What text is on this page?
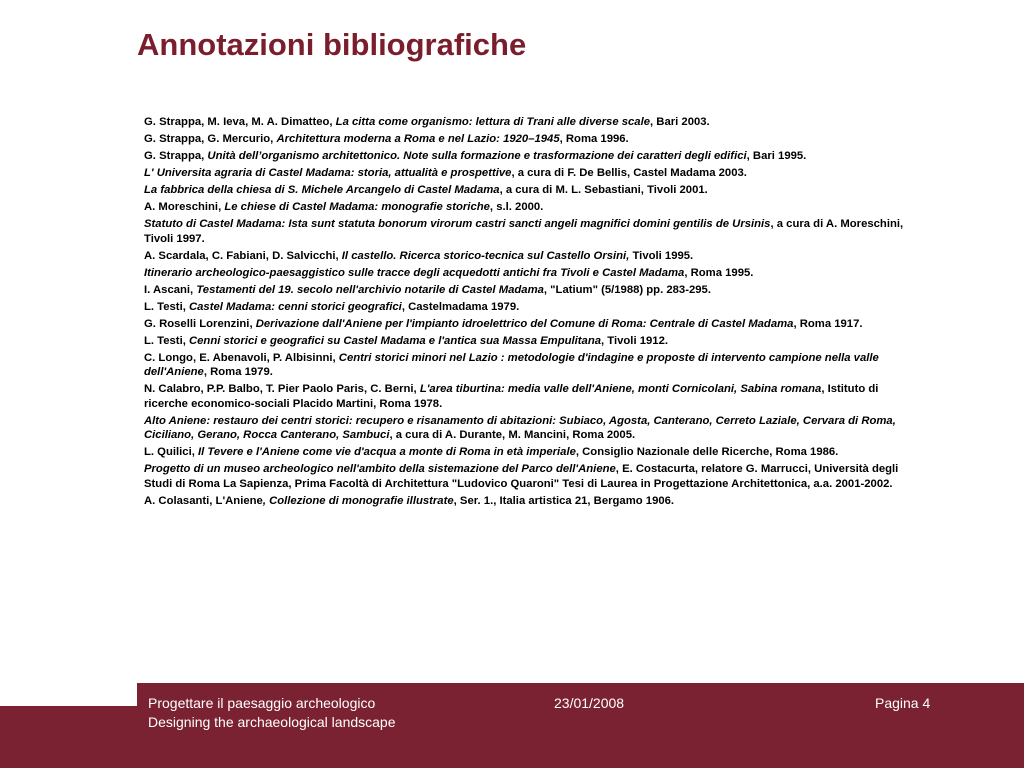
Annotazioni bibliografiche

G. Strappa, M. Ieva, M. A. Dimatteo, La citta come organismo: lettura di Trani alle diverse scale, Bari 2003.

G. Strappa, G. Mercurio, Architettura moderna a Roma e nel Lazio: 1920–1945, Roma 1996.

G. Strappa, Unità dell’organismo architettonico. Note sulla formazione e trasformazione dei caratteri degli edifici, Bari 1995.

L' Universita agraria di Castel Madama: storia, attualità e prospettive, a cura di F. De Bellis, Castel Madama 2003.

La fabbrica della chiesa di S. Michele Arcangelo di Castel Madama, a cura di M. L. Sebastiani, Tivoli 2001.

A. Moreschini, Le chiese di Castel Madama: monografie storiche, s.l. 2000.

Statuto di Castel Madama: Ista sunt statuta bonorum virorum castri sancti angeli magnifici domini gentilis de Ursinis, a cura di A. Moreschini, Tivoli 1997.

A. Scardala, C. Fabiani, D. Salvicchi, Il castello. Ricerca storico-tecnica sul Castello Orsini, Tivoli 1995.

Itinerario archeologico-paesaggistico sulle tracce degli acquedotti antichi fra Tivoli e Castel Madama, Roma 1995.

I. Ascani, Testamenti del 19. secolo nell'archivio notarile di Castel Madama, "Latium" (5/1988) pp. 283-295.

L. Testi, Castel Madama: cenni storici geografici, Castelmadama 1979.

G. Roselli Lorenzini, Derivazione dall'Aniene per l'impianto idroelettrico del Comune di Roma: Centrale di Castel Madama, Roma 1917.

L. Testi, Cenni storici e geografici su Castel Madama e l'antica sua Massa Empulitana, Tivoli 1912.

C. Longo, E. Abenavoli, P. Albisinni, Centri storici minori nel Lazio : metodologie d'indagine e proposte di intervento campione nella valle dell'Aniene, Roma 1979.

N. Calabro, P.P. Balbo, T. Pier Paolo Paris, C. Berni, L'area tiburtina: media valle dell'Aniene, monti Cornicolani, Sabina romana, Istituto di ricerche economico-sociali Placido Martini, Roma 1978.

Alto Aniene: restauro dei centri storici: recupero e risanamento di abitazioni: Subiaco, Agosta, Canterano, Cerreto Laziale, Cervara di Roma, Ciciliano, Gerano, Rocca Canterano, Sambuci, a cura di A. Durante, M. Mancini, Roma 2005.

L. Quilici, Il Tevere e l'Aniene come vie d'acqua a monte di Roma in età imperiale, Consiglio Nazionale delle Ricerche, Roma 1986.

Progetto di un museo archeologico nell'ambito della sistemazione del Parco dell'Aniene, E. Costacurta, relatore G. Marrucci, Università degli Studi di Roma La Sapienza, Prima Facoltà di Architettura "Ludovico Quaroni" Tesi di Laurea in Progettazione Architettonica, a.a. 2001-2002.

A. Colasanti, L'Aniene, Collezione di monografie illustrate, Ser. 1., Italia artistica 21, Bergamo 1906.

Progettare il paesaggio archeologico
Designing the archaeological landscape
23/01/2008	Pagina 4
